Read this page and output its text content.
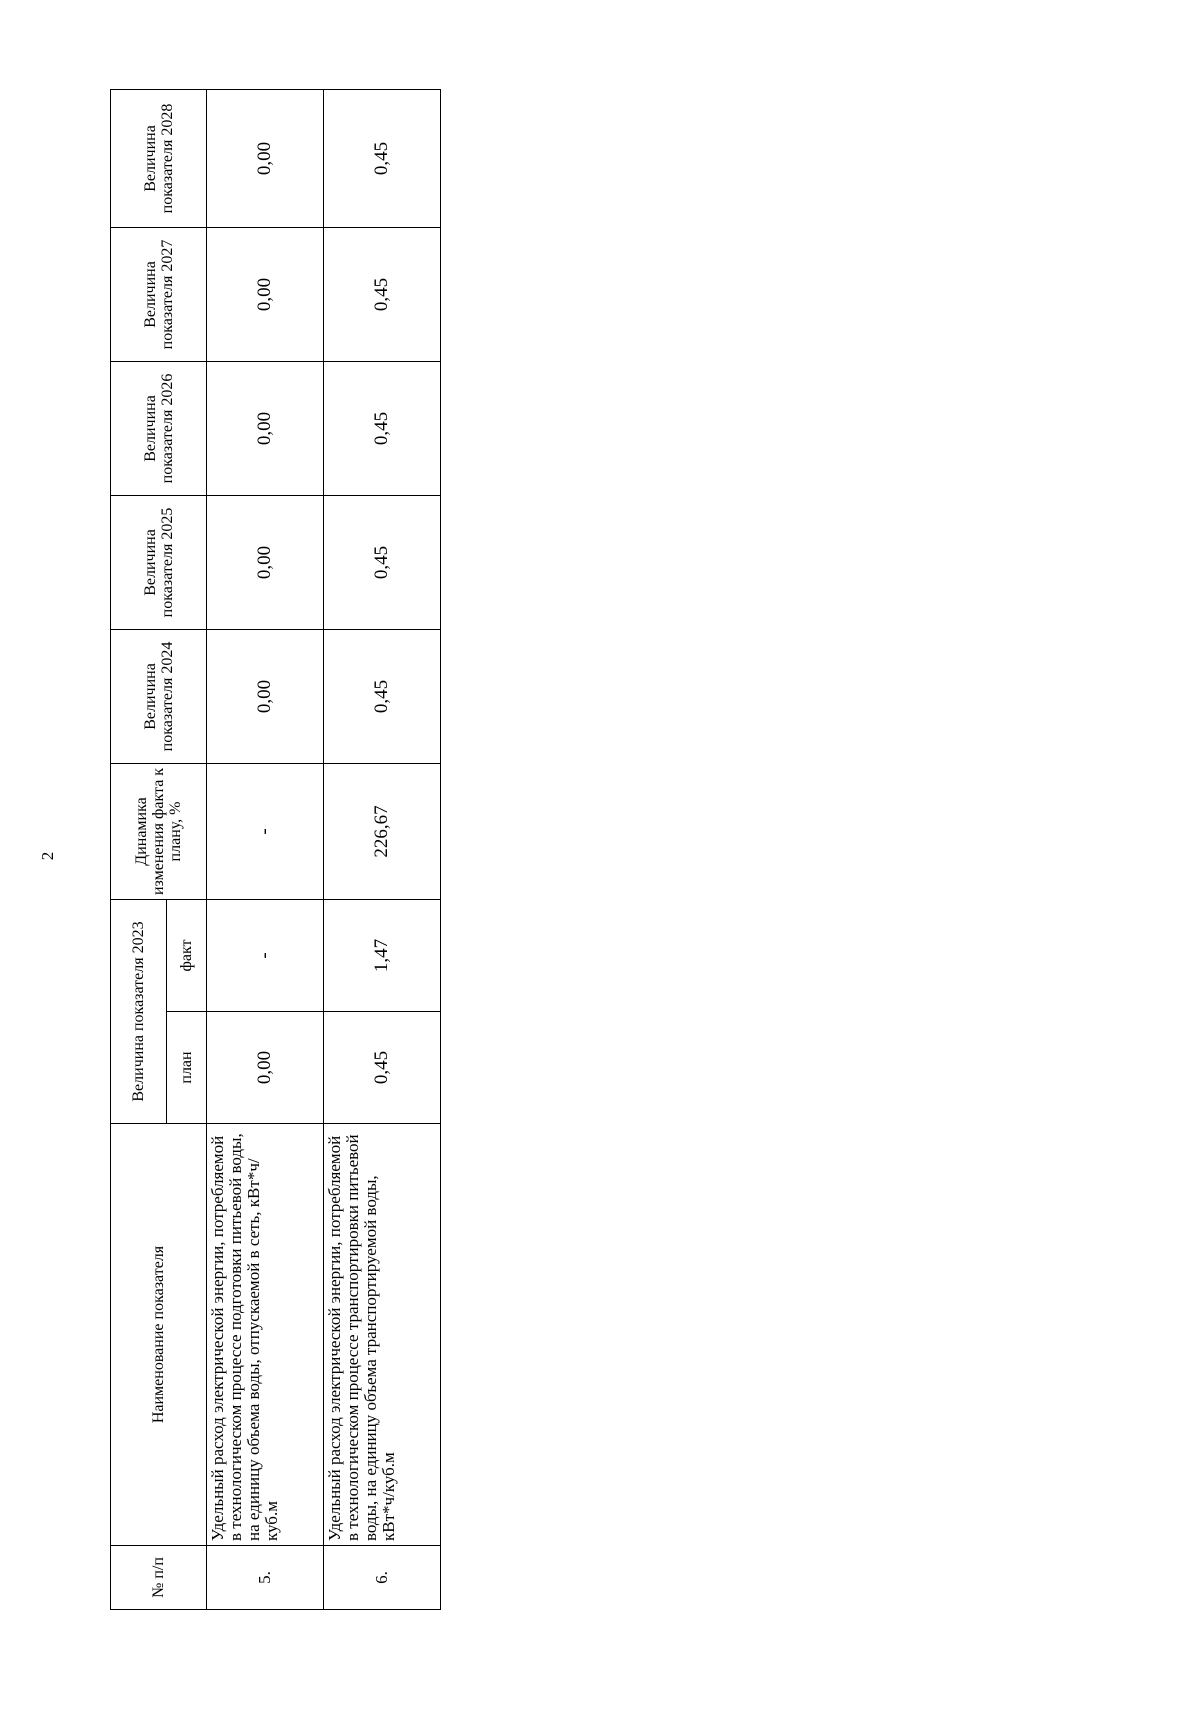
2
№ п/п	Наименование показателя	Величина показателя 2023		Динамика изменения факта к плану, %	Величина показателя 2024	Величина показателя 2025	Величина показателя 2026	Величина показателя 2027	Величина показателя 2028
		план	факт						
5.	Удельный расход электрической энергии, потребляемой в технологическом процессе подготовки питьевой воды, на единицу объема воды, отпускаемой в сеть, кВт*ч/куб.м	0,00	-	-	0,00	0,00	0,00	0,00	0,00
6.	Удельный расход электрической энергии, потребляемой в технологическом процессе транспортировки питьевой воды, на единицу объема транспортируемой воды, кВт*ч/куб.м	0,45	1,47	226,67	0,45	0,45	0,45	0,45	0,45
